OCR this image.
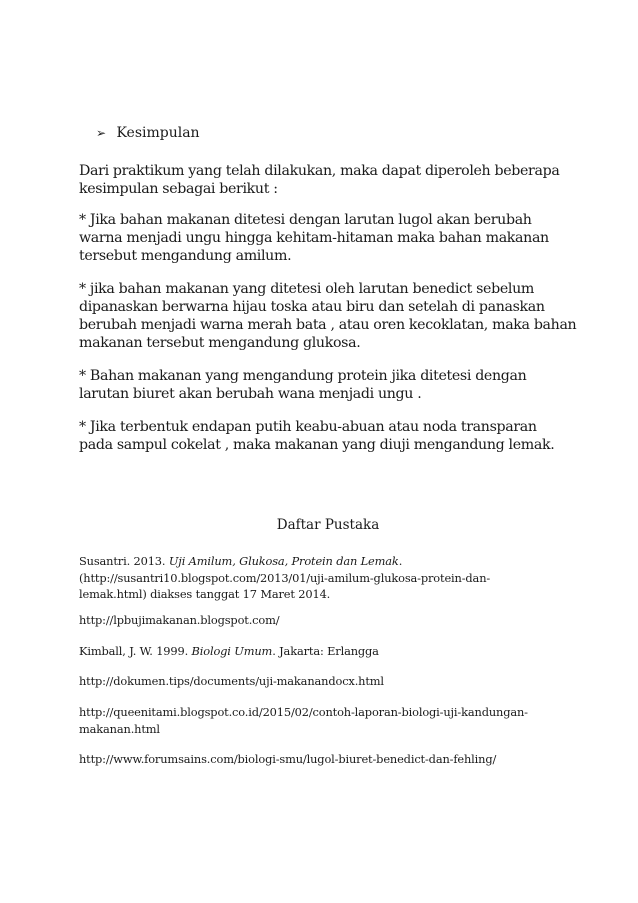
➢ Kesimpulan

Dari praktikum yang telah dilakukan, maka dapat diperoleh beberapa

kesimpulan sebagai berikut :

* Jika bahan makanan ditetesi dengan larutan lugol akan berubah

warna menjadi ungu hingga kehitam-hitaman maka bahan makanan

tersebut mengandung amilum.

* jika bahan makanan yang ditetesi oleh larutan benedict sebelum

dipanaskan berwarna hijau toska atau biru dan setelah di panaskan

berubah menjadi warna merah bata , atau oren kecoklatan, maka bahan

makanan tersebut mengandung glukosa.

* Bahan makanan yang mengandung protein jika ditetesi dengan

larutan biuret akan berubah wana menjadi ungu .

* Jika terbentuk endapan putih keabu-abuan atau noda transparan

pada sampul cokelat , maka makanan yang diuji mengandung lemak.

Daftar Pustaka

Susantri. 2013. Uji Amilum, Glukosa, Protein dan Lemak.

(http://susantri10.blogspot.com/2013/01/uji-amilum-glukosa-protein-dan-

lemak.html) diakses tanggat 17 Maret 2014.

http://lpbujimakanan.blogspot.com/

Kimball, J. W. 1999. Biologi Umum. Jakarta: Erlangga

http://dokumen.tips/documents/uji-makanandocx.html

http://queenitami.blogspot.co.id/2015/02/contoh-laporan-biologi-uji-kandungan-

makanan.html

http://www.forumsains.com/biologi-smu/lugol-biuret-benedict-dan-fehling/
